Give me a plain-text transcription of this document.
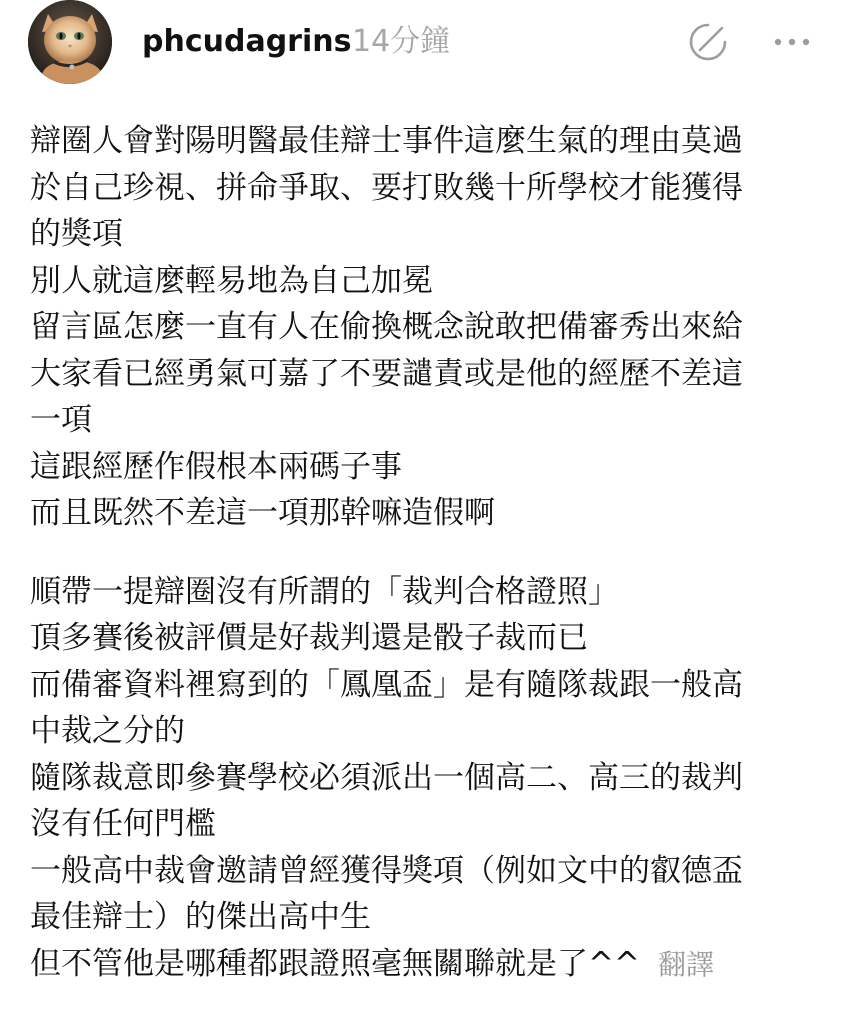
phcudagrins 14分鐘
辯圈人會對陽明醫最佳辯士事件這麼生氣的理由莫過
於自己珍視、拼命爭取、要打敗幾十所學校才能獲得
的獎項
別人就這麼輕易地為自己加冕
留言區怎麼一直有人在偷換概念說敢把備審秀出來給
大家看已經勇氣可嘉了不要譴責或是他的經歷不差這
一項
這跟經歷作假根本兩碼子事
而且既然不差這一項那幹嘛造假啊
順帶一提辯圈沒有所謂的「裁判合格證照」
頂多賽後被評價是好裁判還是骰子裁而已
而備審資料裡寫到的「鳳凰盃」是有隨隊裁跟一般高
中裁之分的
隨隊裁意即參賽學校必須派出一個高二、高三的裁判
沒有任何門檻
一般高中裁會邀請曾經獲得獎項（例如文中的叡德盃
最佳辯士）的傑出高中生
但不管他是哪種都跟證照毫無關聯就是了^^ 翻譯
